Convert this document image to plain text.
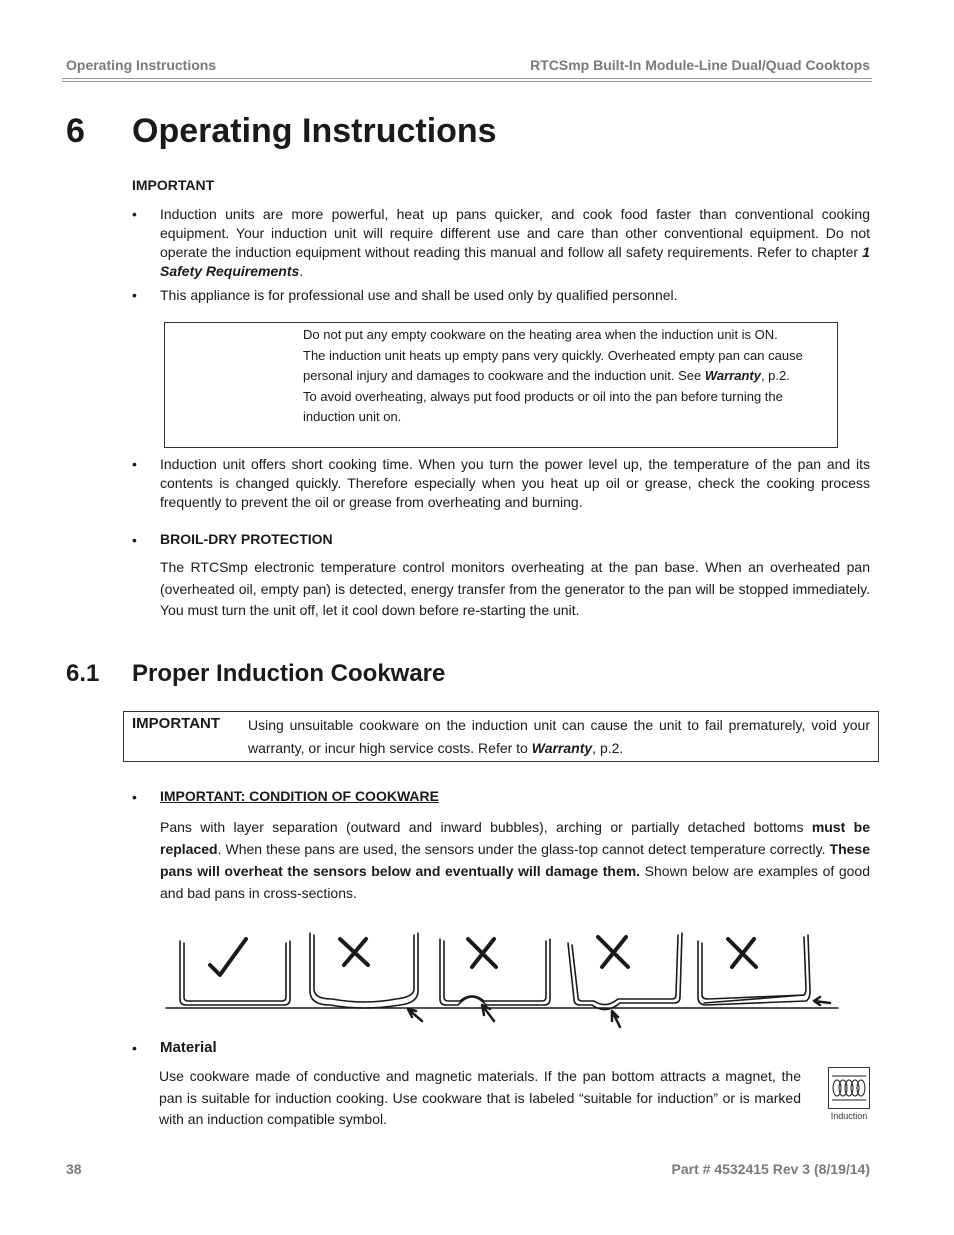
Operating Instructions	RTCSmp Built-In Module-Line Dual/Quad Cooktops
6 Operating Instructions
IMPORTANT
• Induction units are more powerful, heat up pans quicker, and cook food faster than conventional cooking equipment. Your induction unit will require different use and care than other conventional equipment. Do not operate the induction equipment without reading this manual and follow all safety requirements. Refer to chapter 1 Safety Requirements.
• This appliance is for professional use and shall be used only by qualified personnel.
Do not put any empty cookware on the heating area when the induction unit is ON.
The induction unit heats up empty pans very quickly. Overheated empty pan can cause personal injury and damages to cookware and the induction unit. See Warranty, p.2.
To avoid overheating, always put food products or oil into the pan before turning the induction unit on.
• Induction unit offers short cooking time. When you turn the power level up, the temperature of the pan and its contents is changed quickly. Therefore especially when you heat up oil or grease, check the cooking process frequently to prevent the oil or grease from overheating and burning.
• BROIL-DRY PROTECTION
The RTCSmp electronic temperature control monitors overheating at the pan base. When an overheated pan (overheated oil, empty pan) is detected, energy transfer from the generator to the pan will be stopped immediately. You must turn the unit off, let it cool down before re-starting the unit.
6.1 Proper Induction Cookware
IMPORTANT Using unsuitable cookware on the induction unit can cause the unit to fail prematurely, void your warranty, or incur high service costs. Refer to Warranty, p.2.
• IMPORTANT: CONDITION OF COOKWARE
Pans with layer separation (outward and inward bubbles), arching or partially detached bottoms must be replaced. When these pans are used, the sensors under the glass-top cannot detect temperature correctly. These pans will overheat the sensors below and eventually will damage them. Shown below are examples of good and bad pans in cross-sections.
• Material
Use cookware made of conductive and magnetic materials. If the pan bottom attracts a magnet, the pan is suitable for induction cooking. Use cookware that is labeled “suitable for induction” or is marked with an induction compatible symbol.	Induction
38	Part # 4532415 Rev 3 (8/19/14)
